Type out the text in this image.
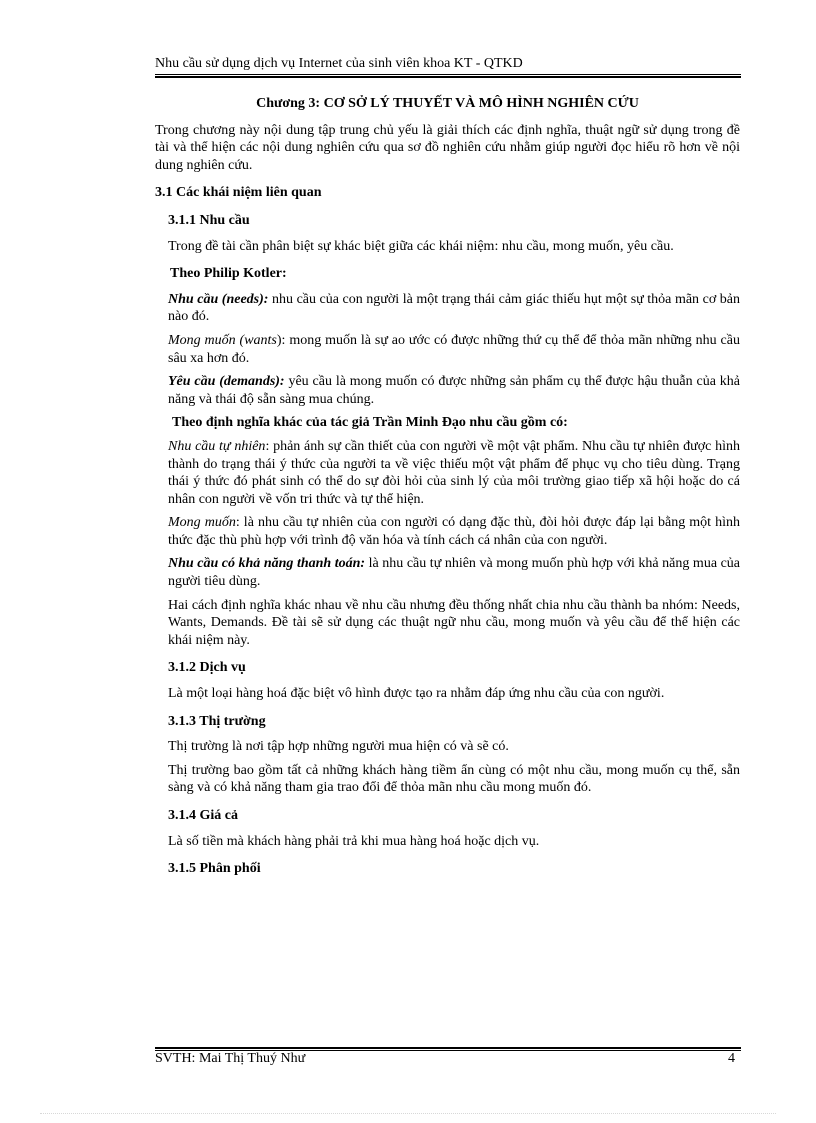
Nhu cầu sử dụng dịch vụ Internet của sinh viên khoa KT - QTKD
Chương 3: CƠ SỞ LÝ THUYẾT VÀ MÔ HÌNH NGHIÊN CỨU

Trong chương này nội dung tập trung chủ yếu là giải thích các định nghĩa, thuật ngữ sử dụng trong đề tài và thể hiện các nội dung nghiên cứu qua sơ đồ nghiên cứu nhằm giúp người đọc hiểu rõ hơn về nội dung nghiên cứu.

3.1 Các khái niệm liên quan
3.1.1 Nhu cầu

Trong đề tài cần phân biệt sự khác biệt giữa các khái niệm: nhu cầu, mong muốn, yêu cầu.

Theo Philip Kotler:

Nhu cầu (needs): nhu cầu của con người là một trạng thái cảm giác thiếu hụt một sự thỏa mãn cơ bản nào đó.

Mong muốn (wants): mong muốn là sự ao ước có được những thứ cụ thể để thỏa mãn những nhu cầu sâu xa hơn đó.

Yêu cầu (demands): yêu cầu là mong muốn có được những sản phẩm cụ thể được hậu thuẫn của khả năng và thái độ sẵn sàng mua chúng.

Theo định nghĩa khác của tác giả Trần Minh Đạo nhu cầu gồm có:

Nhu cầu tự nhiên: phản ánh sự cần thiết của con người về một vật phẩm. Nhu cầu tự nhiên được hình thành do trạng thái ý thức của người ta về việc thiếu một vật phẩm để phục vụ cho tiêu dùng. Trạng thái ý thức đó phát sinh có thể do sự đòi hỏi của sinh lý của môi trường giao tiếp xã hội hoặc do cá nhân con người về vốn tri thức và tự thể hiện.

Mong muốn: là nhu cầu tự nhiên của con người có dạng đặc thù, đòi hỏi được đáp lại bằng một hình thức đặc thù phù hợp với trình độ văn hóa và tính cách cá nhân của con người.

Nhu cầu có khả năng thanh toán: là nhu cầu tự nhiên và mong muốn phù hợp với khả năng mua của người tiêu dùng.

Hai cách định nghĩa khác nhau về nhu cầu nhưng đều thống nhất chia nhu cầu thành ba nhóm: Needs, Wants, Demands. Đề tài sẽ sử dụng các thuật ngữ nhu cầu, mong muốn và yêu cầu để thể hiện các khái niệm này.

3.1.2 Dịch vụ

Là một loại hàng hoá đặc biệt vô hình được tạo ra nhằm đáp ứng nhu cầu của con người.

3.1.3 Thị trường

Thị trường là nơi tập hợp những người mua hiện có và sẽ có.

Thị trường bao gồm tất cả những khách hàng tiềm ẩn cùng có một nhu cầu, mong muốn cụ thể, sẵn sàng và có khả năng tham gia trao đổi để thỏa mãn nhu cầu mong muốn đó.

3.1.4 Giá cả

Là số tiền mà khách hàng phải trả khi mua hàng hoá hoặc dịch vụ.

3.1.5 Phân phối
SVTH: Mai Thị Thuý Như	4
